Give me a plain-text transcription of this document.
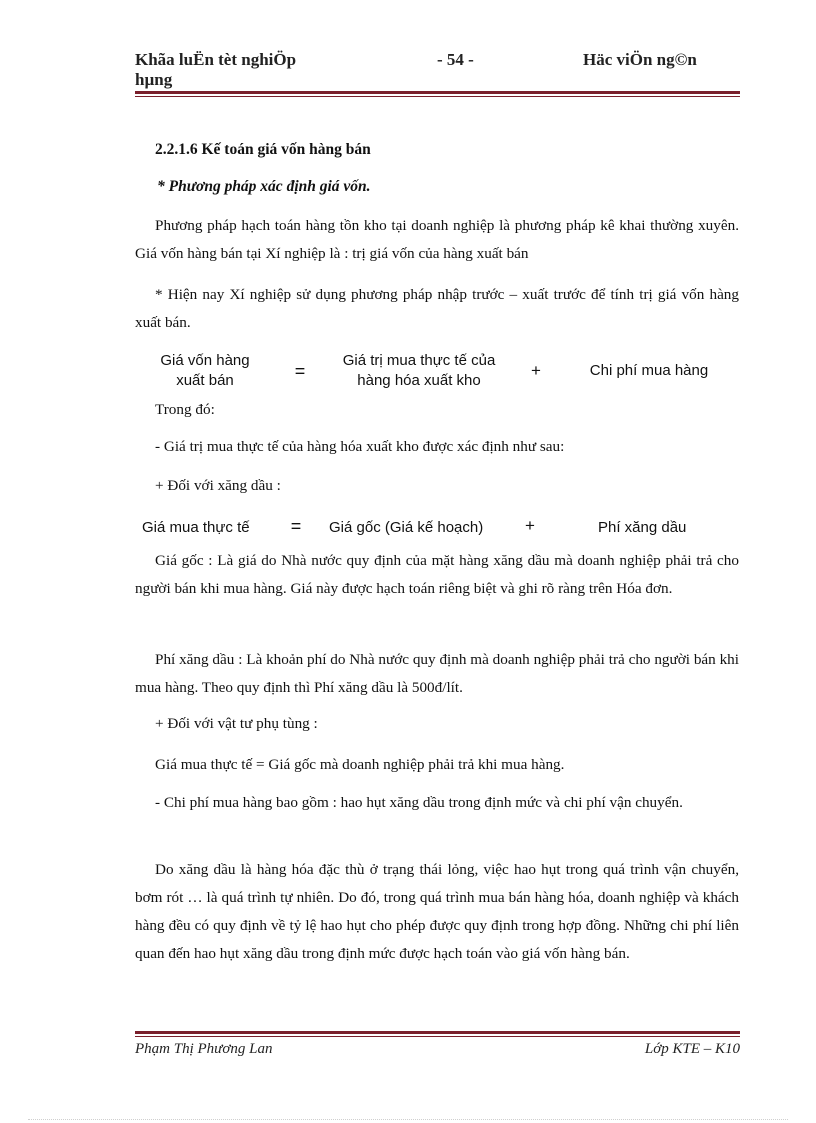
Khãa luËn tèt nghiÖp
hµng
- 54 -	Häc viÖn ng©n
2.2.1.6 Kế toán giá vốn hàng bán
* Phương pháp xác định giá vốn.
Phương pháp hạch toán hàng tồn kho tại doanh nghiệp là phương pháp kê khai thường xuyên. Giá vốn hàng bán tại Xí nghiệp là : trị giá vốn của hàng xuất bán
* Hiện nay Xí nghiệp sử dụng phương pháp nhập trước – xuất trước để tính trị giá vốn hàng xuất bán.
Giá vốn hàng
xuất bán	=
Giá trị mua thực tế của
hàng hóa xuất kho
+	Chi phí mua hàng
Trong đó:
- Giá trị mua thực tế của hàng hóa xuất kho được xác định như sau:
+ Đối với xăng dầu :
Giá mua thực tế	=	Giá gốc (Giá kế hoạch)	+	Phí xăng dầu
Giá gốc : Là giá do Nhà nước quy định của mặt hàng xăng dầu mà doanh nghiệp phải trả cho người bán khi mua hàng. Giá này được hạch toán riêng biệt và ghi rõ ràng trên Hóa đơn.
Phí xăng dầu : Là khoản phí do Nhà nước quy định mà doanh nghiệp phải trả cho người bán khi mua hàng. Theo quy định thì Phí xăng dầu là 500đ/lít.
+ Đối với vật tư phụ tùng :
Giá mua thực tế = Giá gốc mà doanh nghiệp phải trả khi mua hàng.
- Chi phí mua hàng bao gồm : hao hụt xăng dầu trong định mức và chi phí vận chuyển.
Do xăng dầu là hàng hóa đặc thù ở trạng thái lỏng, việc hao hụt trong quá trình vận chuyển, bơm rót … là quá trình tự nhiên. Do đó, trong quá trình mua bán hàng hóa, doanh nghiệp và khách hàng đều có quy định về tỷ lệ hao hụt cho phép được quy định trong hợp đồng. Những chi phí liên quan đến hao hụt xăng dầu trong định mức được hạch toán vào giá vốn hàng bán.
Phạm Thị Phương Lan	Lớp KTE – K10
